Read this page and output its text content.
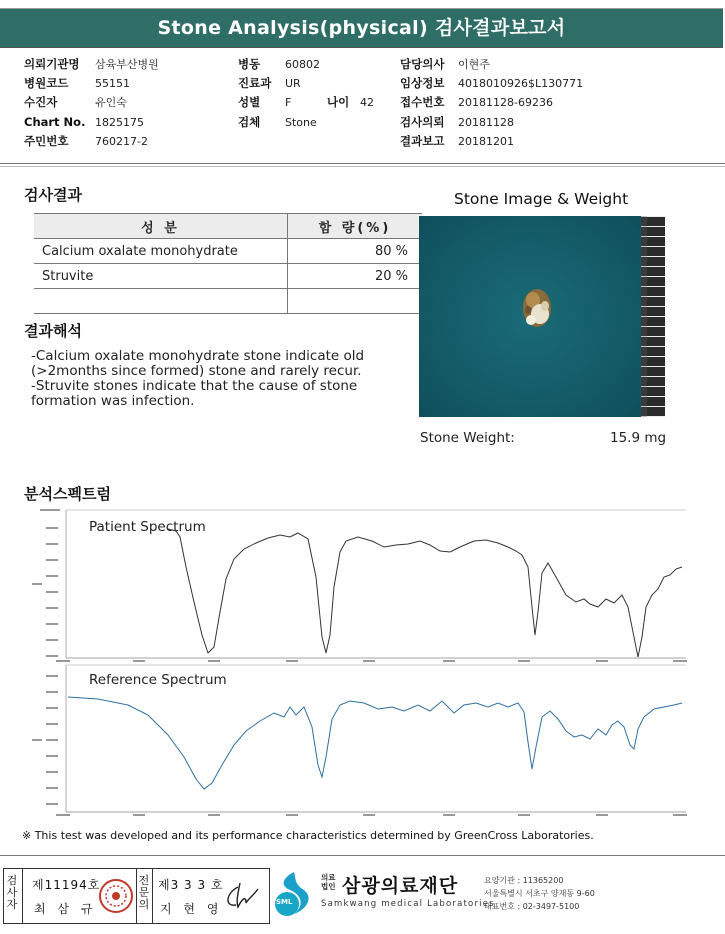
Stone Analysis(physical) 검사결과보고서
의뢰기관명 삼육부산병원
병원코드 55151
수진자	유인숙
Chart No. 1825175
주민번호 760217-2
병동 60802
진료과 UR
성별 F	나이 42
검체 Stone
담당의사 이현주
임상정보 4018010926$L130771
접수번호 20181128-69236
검사의뢰 20181128
결과보고 20181201
검사결과
성 분	함 량(%)
Calcium oxalate monohydrate	80 %
Struvite	20 %

결과해석
-Calcium oxalate monohydrate stone indicate old
(>2months since formed) stone and rarely recur.
-Struvite stones indicate that the cause of stone
formation was infection.
Stone Image & Weight
Stone Weight:	15.9 mg
분석스펙트럼
Patient Spectrum
Reference Spectrum
※ This test was developed and its performance characteristics determined by GreenCross Laboratories.
검사자
제11194호
최 삼 규
전문의
제3 3 3 호
지 현 영	SML
의료법인 삼광의료재단
Samkwang medical Laboratories
요양기관 : 11365200
서울특별시 서초구 양재동 9-60
대표번호 : 02-3497-5100
